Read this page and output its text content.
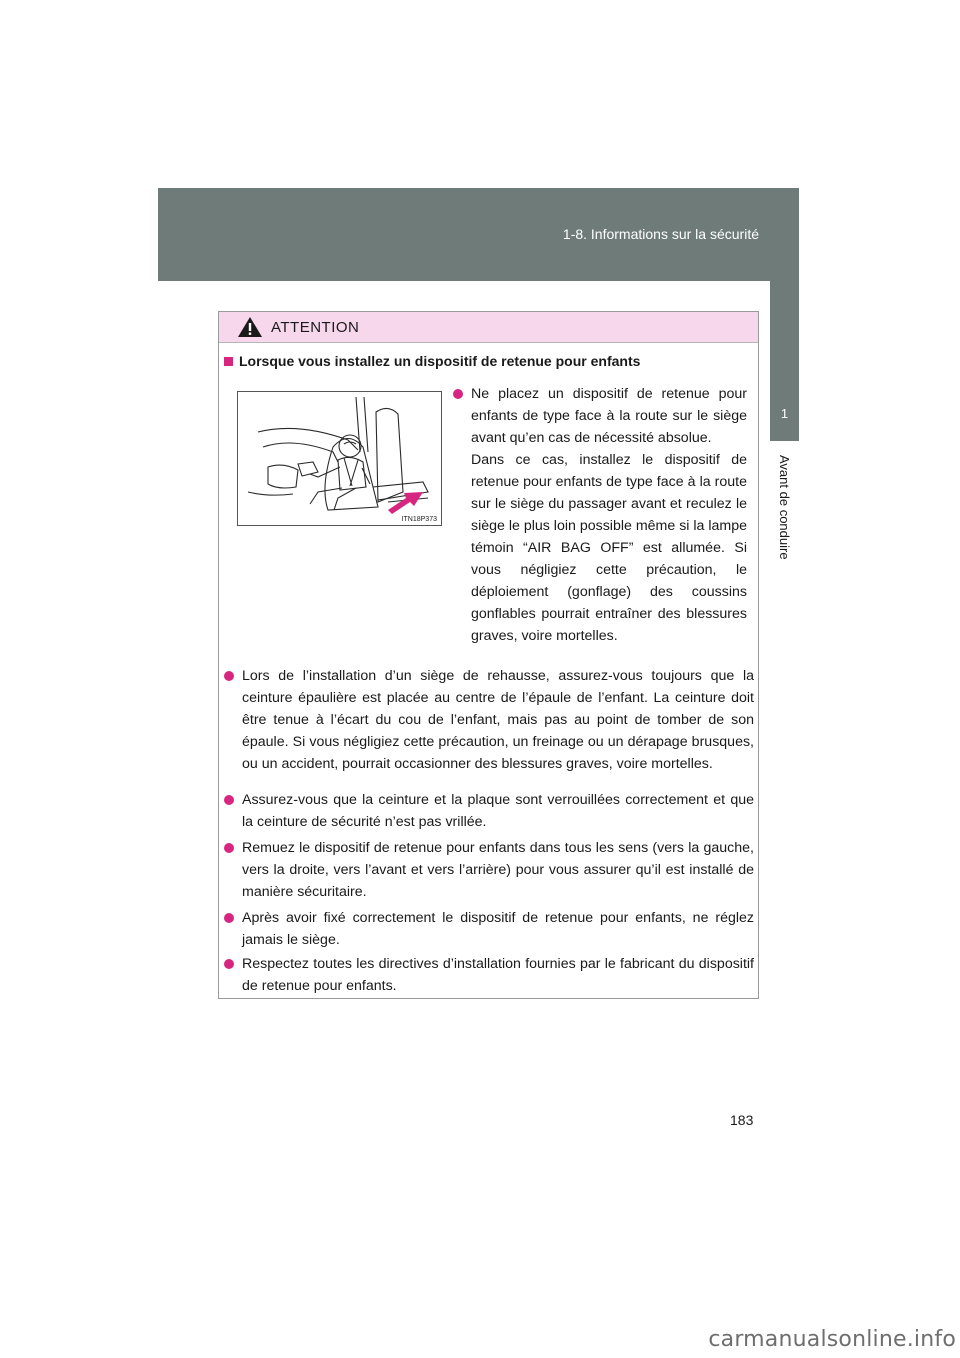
1-8. Informations sur la sécurité
1
Avant de conduire
ATTENTION
Lorsque vous installez un dispositif de retenue pour enfants
ITN18P373

Ne placez un dispositif de retenue pour enfants de type face à la route sur le siège avant qu’en cas de nécessité absolue.

Dans ce cas, installez le dispositif de retenue pour enfants de type face à la route sur le siège du passager avant et reculez le siège le plus loin possible même si la lampe témoin “AIR BAG OFF” est allumée. Si vous négligiez cette précaution, le déploiement (gonflage) des coussins gonflables pourrait entraîner des blessures graves, voire mortelles.

Lors de l’installation d’un siège de rehausse, assurez-vous toujours que la ceinture épaulière est placée au centre de l’épaule de l’enfant. La ceinture doit être tenue à l’écart du cou de l’enfant, mais pas au point de tomber de son épaule. Si vous négligiez cette précaution, un freinage ou un dérapage brusques, ou un accident, pourrait occasionner des blessures graves, voire mortelles.

Assurez-vous que la ceinture et la plaque sont verrouillées correctement et que la ceinture de sécurité n’est pas vrillée.

Remuez le dispositif de retenue pour enfants dans tous les sens (vers la gauche, vers la droite, vers l’avant et vers l’arrière) pour vous assurer qu’il est installé de manière sécuritaire.

Après avoir fixé correctement le dispositif de retenue pour enfants, ne réglez jamais le siège.

Respectez toutes les directives d’installation fournies par le fabricant du dispositif de retenue pour enfants.

183
carmanualsonline.info
